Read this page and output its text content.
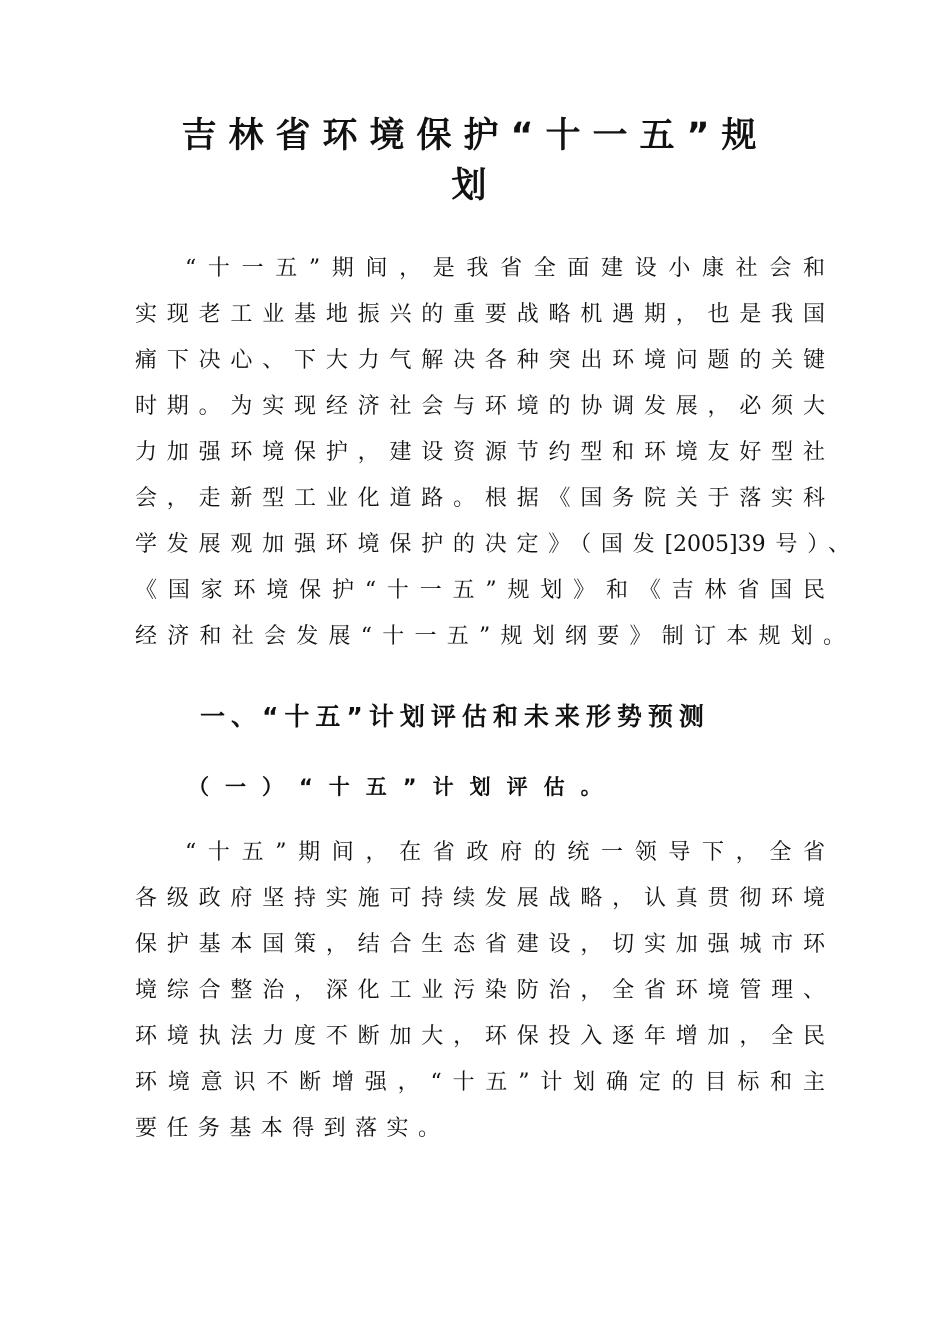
吉林省环境保护“十一五”规
划
“十一五”期间，是我省全面建设小康社会和
实现老工业基地振兴的重要战略机遇期，也是我国
痛下决心、下大力气解决各种突出环境问题的关键
时期。为实现经济社会与环境的协调发展，必须大
力加强环境保护，建设资源节约型和环境友好型社
会，走新型工业化道路。根据《国务院关于落实科
学发展观加强环境保护的决定》（国发[2005]39号）、
《国家环境保护“十一五”规划》和《吉林省国民
经济和社会发展“十一五”规划纲要》制订本规划。
一、“十五”计划评估和未来形势预测
（一）“十五”计划评估。
“十五”期间，在省政府的统一领导下，全省
各级政府坚持实施可持续发展战略，认真贯彻环境
保护基本国策，结合生态省建设，切实加强城市环
境综合整治，深化工业污染防治，全省环境管理、
环境执法力度不断加大，环保投入逐年增加，全民
环境意识不断增强，“十五”计划确定的目标和主
要任务基本得到落实。
